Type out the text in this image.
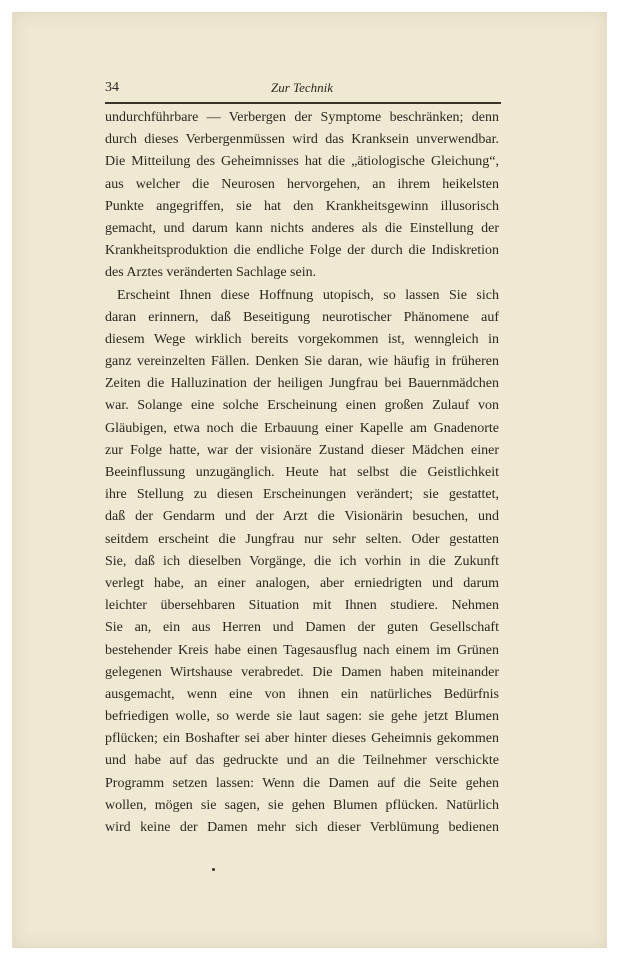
34	Zur Technik
undurchführbare — Verbergen der Symptome beschränken; denn
durch dieses Verbergenmüssen wird das Kranksein unverwendbar.
Die Mitteilung des Geheimnisses hat die „ätiologische Gleichung“,
aus welcher die Neurosen hervorgehen, an ihrem heikelsten
Punkte angegriffen, sie hat den Krankheitsgewinn illusorisch
gemacht, und darum kann nichts anderes als die Einstellung der
Krankheitsproduktion die endliche Folge der durch die Indiskretion
des Arztes veränderten Sachlage sein.
Erscheint Ihnen diese Hoffnung utopisch, so lassen Sie sich
daran erinnern, daß Beseitigung neurotischer Phänomene auf
diesem Wege wirklich bereits vorgekommen ist, wenngleich in
ganz vereinzelten Fällen. Denken Sie daran, wie häufig in früheren
Zeiten die Halluzination der heiligen Jungfrau bei Bauernmädchen
war. Solange eine solche Erscheinung einen großen Zulauf von
Gläubigen, etwa noch die Erbauung einer Kapelle am Gnadenorte
zur Folge hatte, war der visionäre Zustand dieser Mädchen einer
Beeinflussung unzugänglich. Heute hat selbst die Geistlichkeit
ihre Stellung zu diesen Erscheinungen verändert; sie gestattet,
daß der Gendarm und der Arzt die Visionärin besuchen, und
seitdem erscheint die Jungfrau nur sehr selten. Oder gestatten
Sie, daß ich dieselben Vorgänge, die ich vorhin in die Zukunft
verlegt habe, an einer analogen, aber erniedrigten und darum
leichter übersehbaren Situation mit Ihnen studiere. Nehmen
Sie an, ein aus Herren und Damen der guten Gesellschaft
bestehender Kreis habe einen Tagesausflug nach einem im Grünen
gelegenen Wirtshause verabredet. Die Damen haben miteinander
ausgemacht, wenn eine von ihnen ein natürliches Bedürfnis
befriedigen wolle, so werde sie laut sagen: sie gehe jetzt Blumen
pflücken; ein Boshafter sei aber hinter dieses Geheimnis gekommen
und habe auf das gedruckte und an die Teilnehmer verschickte
Programm setzen lassen: Wenn die Damen auf die Seite gehen
wollen, mögen sie sagen, sie gehen Blumen pflücken. Natürlich
wird keine der Damen mehr sich dieser Verblümung bedienen
